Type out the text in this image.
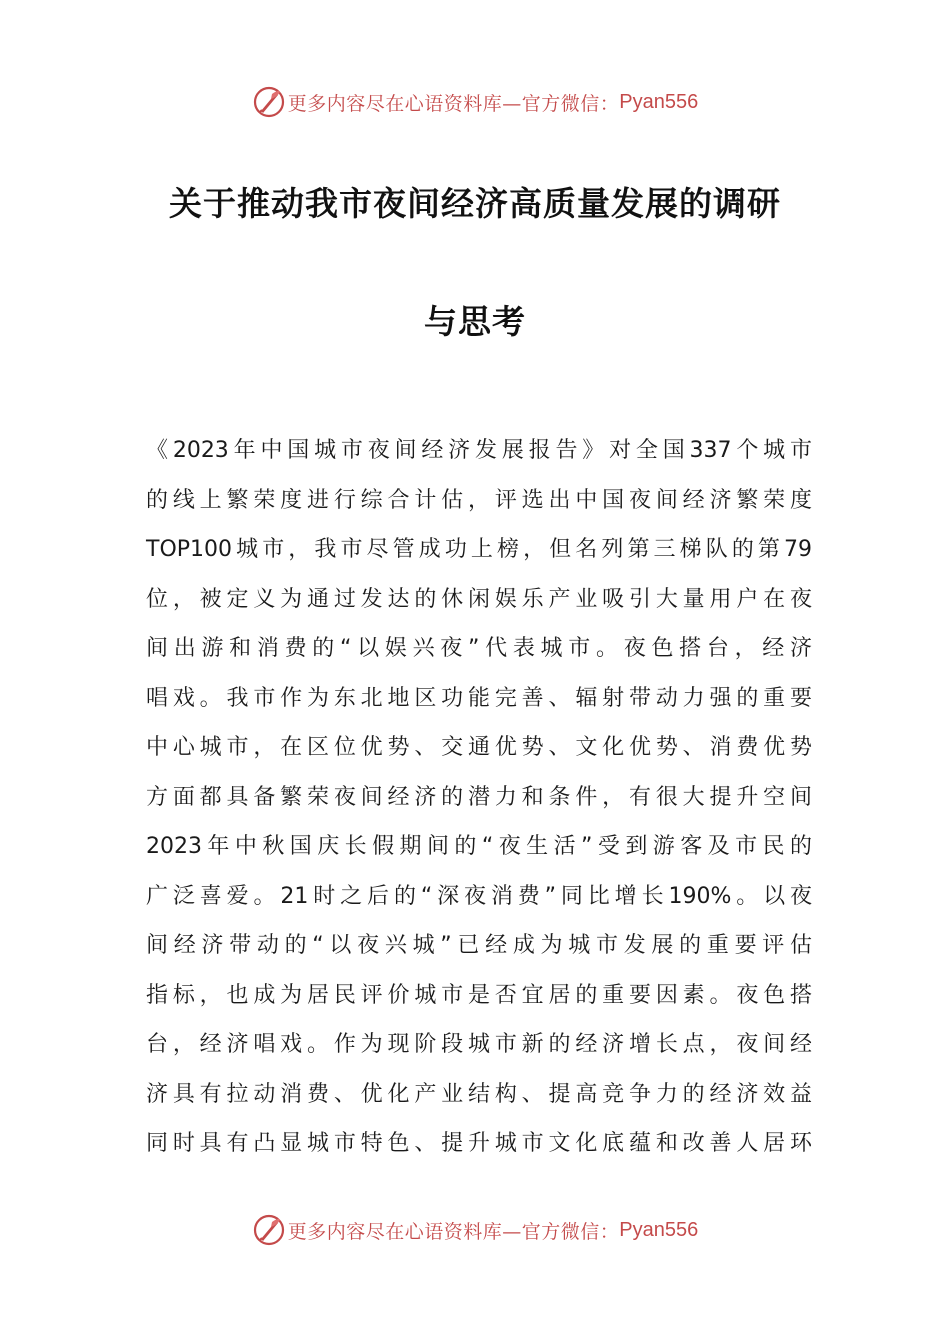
更多内容尽在心语资料库—官方微信： Pyan556
关于推动我市夜间经济高质量发展的调研
与思考
《2023年中国城市夜间经济发展报告》对全国337个城市
的线上繁荣度进行综合计估，评选出中国夜间经济繁荣度
TOP100城市，我市尽管成功上榜，但名列第三梯队的第79
位，被定义为通过发达的休闲娱乐产业吸引大量用户在夜
间出游和消费的“以娱兴夜”代表城市。夜色搭台，经济
唱戏。我市作为东北地区功能完善、辐射带动力强的重要
中心城市，在区位优势、交通优势、文化优势、消费优势
方面都具备繁荣夜间经济的潜力和条件，有很大提升空间
2023年中秋国庆长假期间的“夜生活”受到游客及市民的
广泛喜爱。21时之后的“深夜消费”同比增长190%。以夜
间经济带动的“以夜兴城”已经成为城市发展的重要评估
指标，也成为居民评价城市是否宜居的重要因素。夜色搭
台，经济唱戏。作为现阶段城市新的经济增长点，夜间经
济具有拉动消费、优化产业结构、提高竞争力的经济效益
同时具有凸显城市特色、提升城市文化底蕴和改善人居环
更多内容尽在心语资料库—官方微信： Pyan556
